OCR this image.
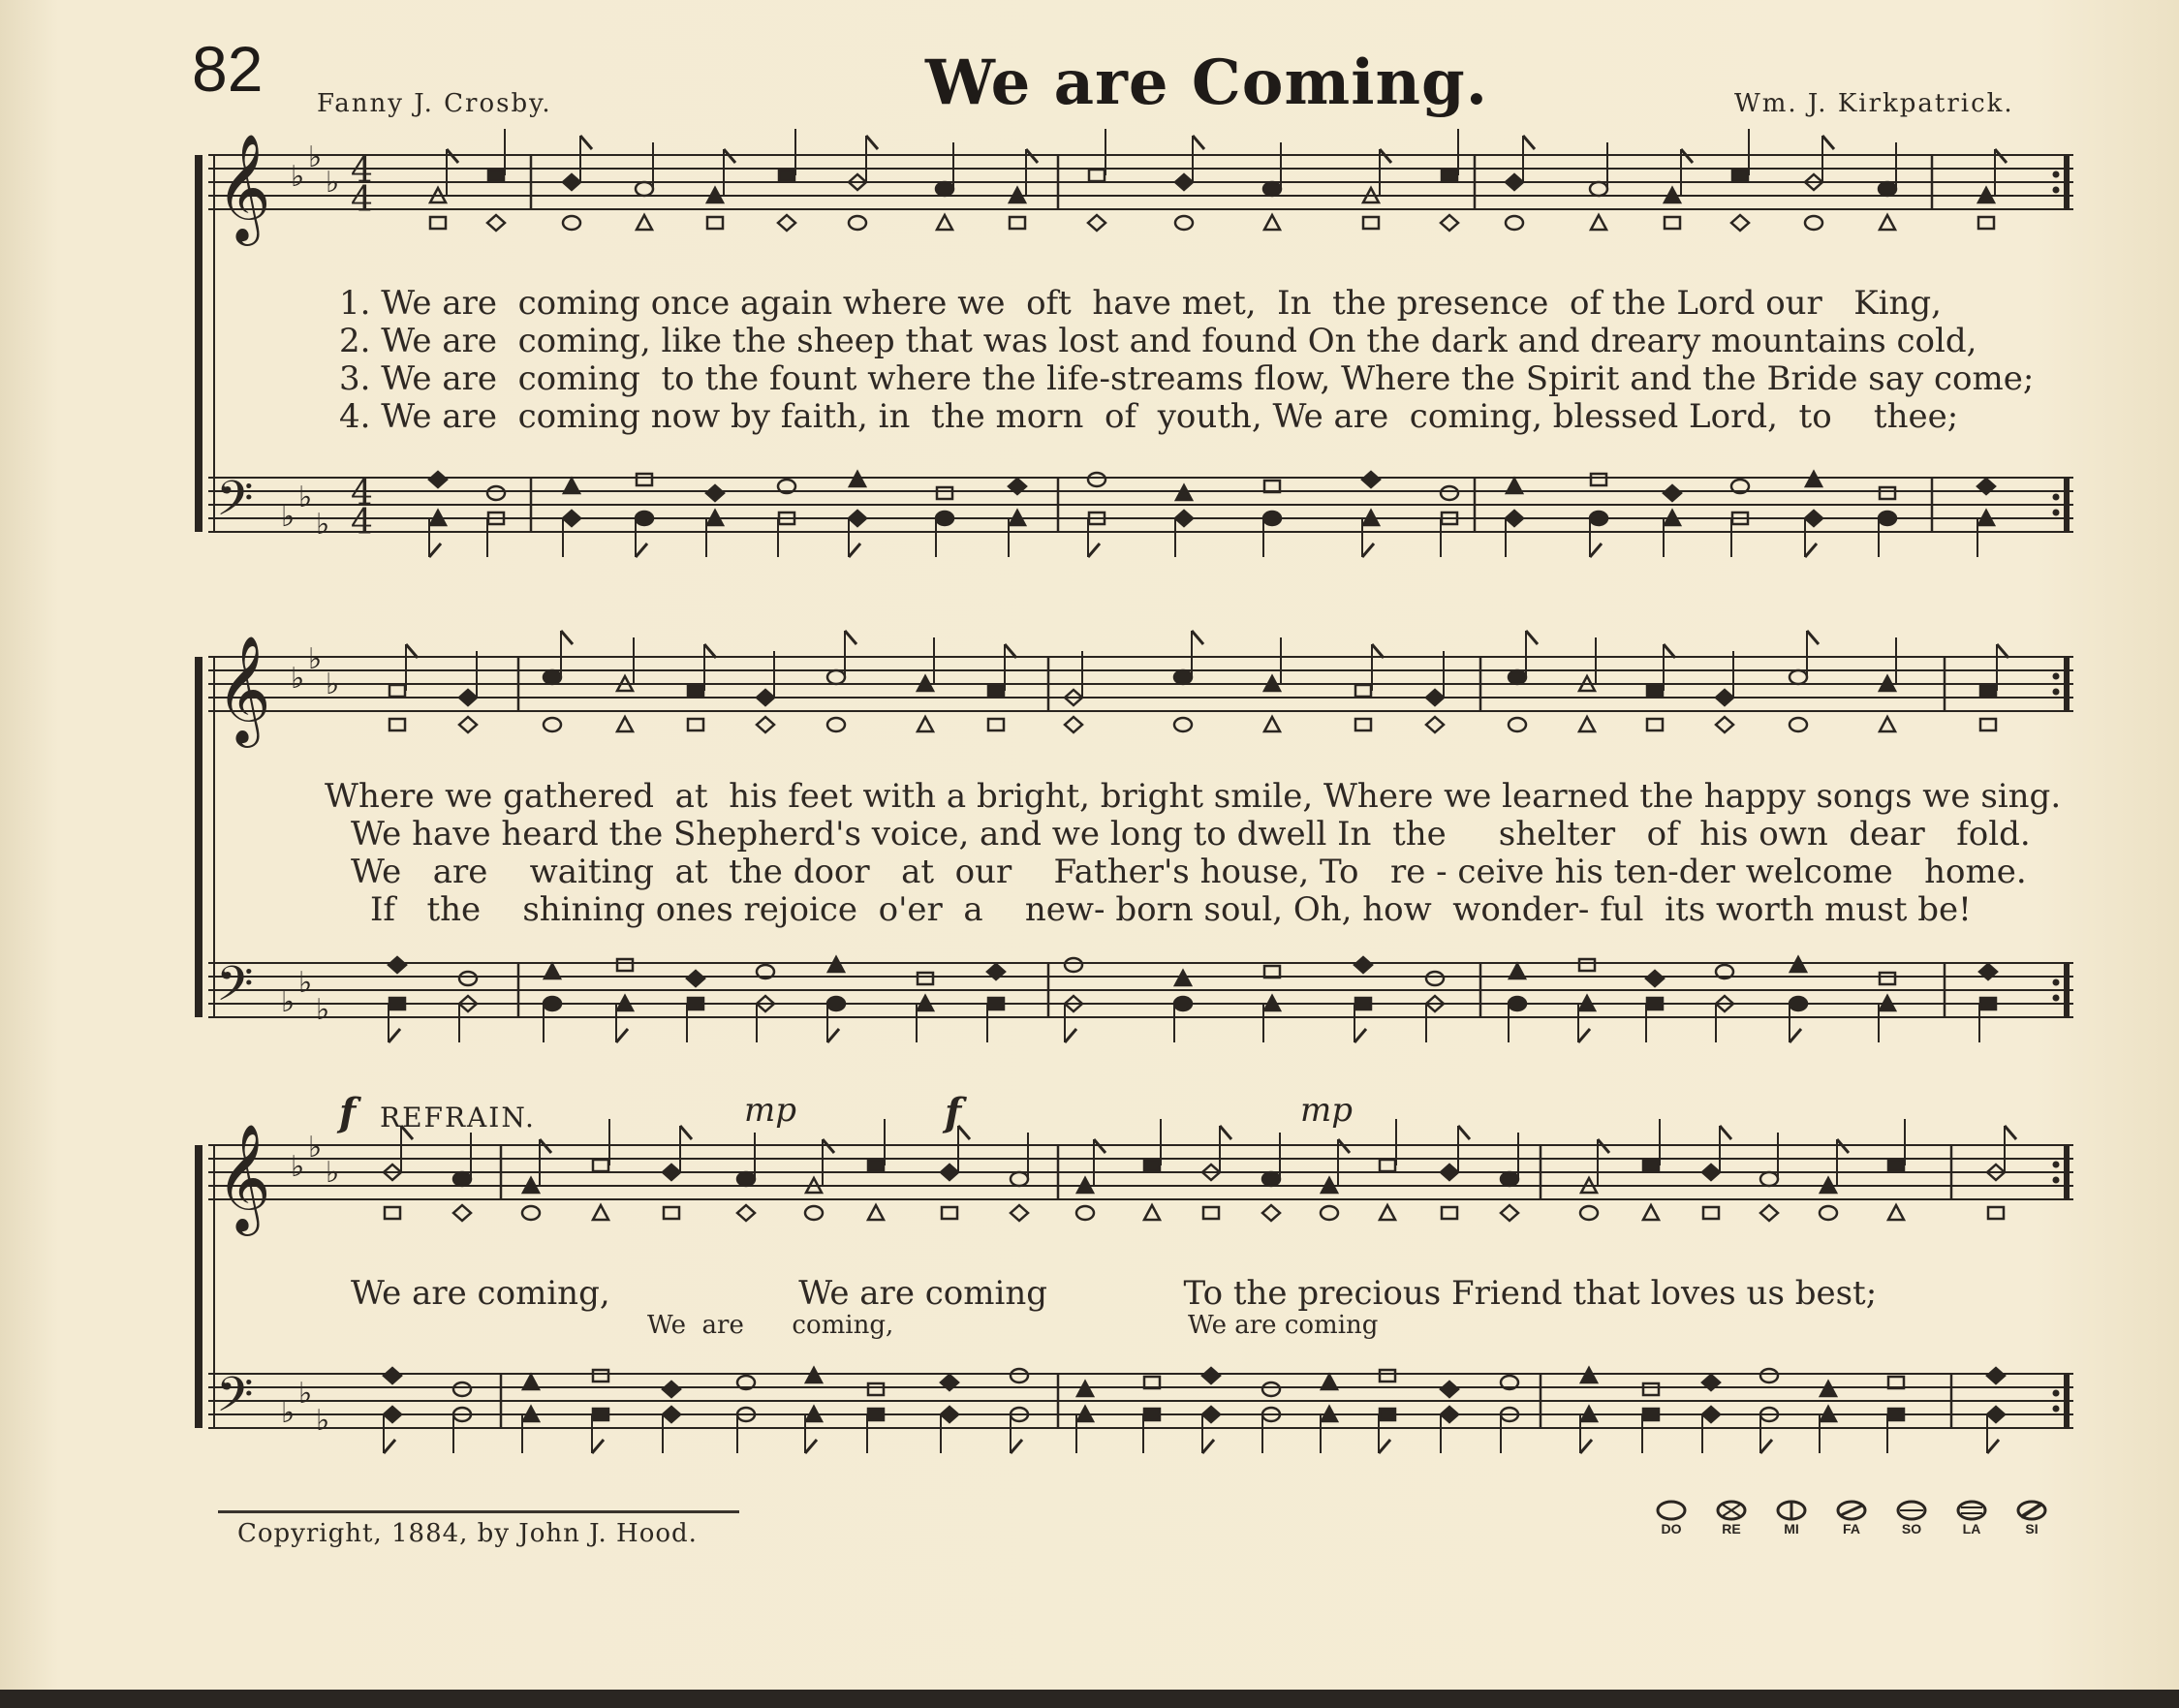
82 Fanny J. Crosby.	We are Coming.	Wm. J. Kirkpatrick.
𝄞
𝄢
♭
♭
♭
♭
♭
♭
4
4
4
4
𝄞
𝄢
♭
♭
♭
♭
♭
♭
𝄞
𝄢
♭
♭
♭
♭
♭
♭
1. We are  coming once again where we  oft  have met,  In  the presence  of the Lord our   King,
2. We are  coming, like the sheep that was lost and found On the dark and dreary mountains cold,
3. We are  coming  to the fount where the life-streams flow, Where the Spirit and the Bride say come;
4. We are  coming now by faith, in  the morn  of  youth, We are  coming, blessed Lord,  to    thee;
Where we gathered  at  his feet with a bright, bright smile, Where we learned the happy songs we sing.
We have heard the Shepherd's voice, and we long to dwell In  the     shelter   of  his own  dear   fold.
We   are    waiting  at  the door   at  our    Father's house, To   re - ceive his ten-der welcome   home.
If   the    shining ones rejoice  o'er  a    new- born soul, Oh, how  wonder- ful  its worth must be!
f REFRAIN.	mp	f	mp
We are coming,                  We are coming             To the precious Friend that loves us best;
We  are      coming,	We are coming
Copyright, 1884, by John J. Hood.	DO	RE	MI	FA	SO	LA	SI
